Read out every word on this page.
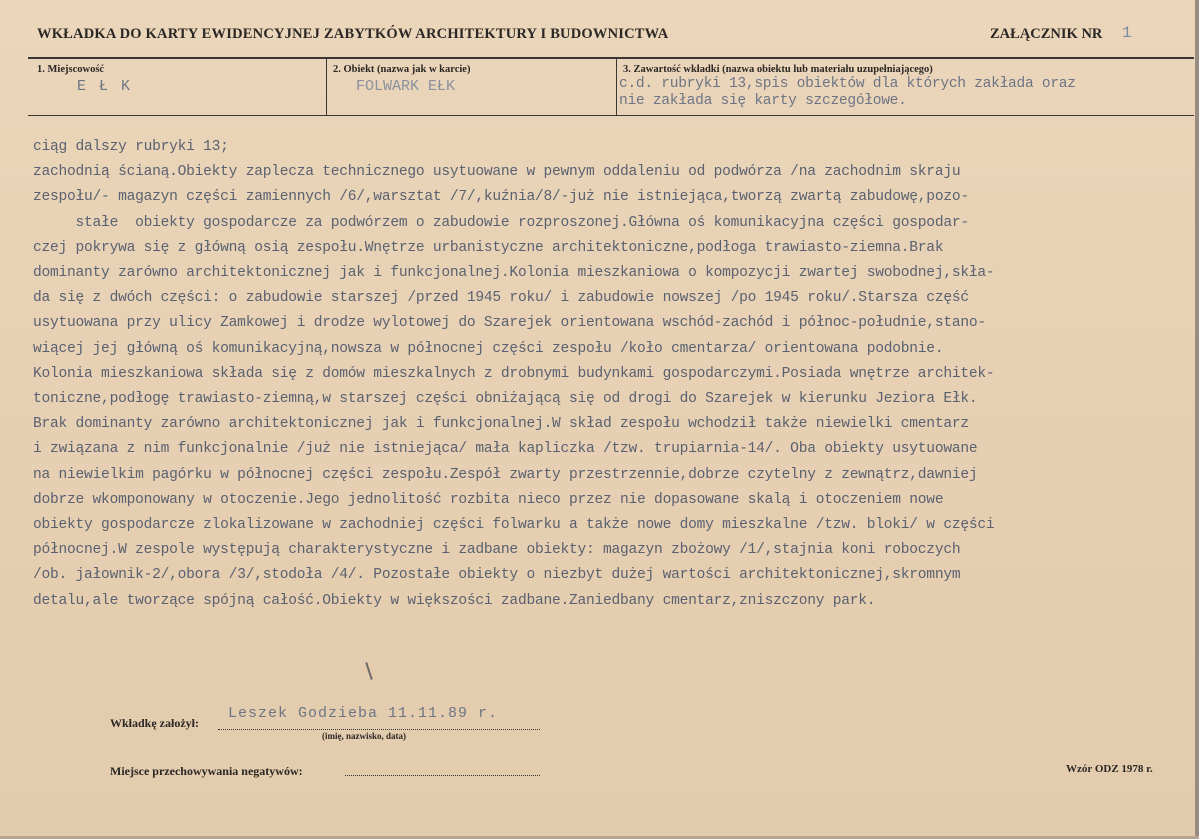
WKŁADKA DO KARTY EWIDENCYJNEJ ZABYTKÓW ARCHITEKTURY I BUDOWNICTWA	ZAŁĄCZNIK NR 1
1. Miejscowość
E Ł K
2. Obiekt (nazwa jak w karcie)
FOLWARK EŁK
3. Zawartość wkładki (nazwa obiektu lub materiału uzupełniającego)
c.d. rubryki 13,spis obiektów dla których zakłada oraz
nie zakłada się karty szczegółowe.
ciąg dalszy rubryki 13;
zachodnią ścianą.Obiekty zaplecza technicznego usytuowane w pewnym oddaleniu od podwórza /na zachodnim skraju
zespołu/- magazyn części zamiennych /6/,warsztat /7/,kuźnia/8/-już nie istniejąca,tworzą zwartą zabudowę,pozo-
stałe  obiekty gospodarcze za podwórzem o zabudowie rozproszonej.Główna oś komunikacyjna części gospodar-
czej pokrywa się z główną osią zespołu.Wnętrze urbanistyczne architektoniczne,podłoga trawiasto-ziemna.Brak
dominanty zarówno architektonicznej jak i funkcjonalnej.Kolonia mieszkaniowa o kompozycji zwartej swobodnej,skła-
da się z dwóch części: o zabudowie starszej /przed 1945 roku/ i zabudowie nowszej /po 1945 roku/.Starsza część
usytuowana przy ulicy Zamkowej i drodze wylotowej do Szarejek orientowana wschód-zachód i północ-południe,stano-
wiącej jej główną oś komunikacyjną,nowsza w północnej części zespołu /koło cmentarza/ orientowana podobnie.
Kolonia mieszkaniowa składa się z domów mieszkalnych z drobnymi budynkami gospodarczymi.Posiada wnętrze architek-
toniczne,podłogę trawiasto-ziemną,w starszej części obniżającą się od drogi do Szarejek w kierunku Jeziora Ełk.
Brak dominanty zarówno architektonicznej jak i funkcjonalnej.W skład zespołu wchodził także niewielki cmentarz
i związana z nim funkcjonalnie /już nie istniejąca/ mała kapliczka /tzw. trupiarnia-14/. Oba obiekty usytuowane
na niewielkim pagórku w północnej części zespołu.Zespół zwarty przestrzennie,dobrze czytelny z zewnątrz,dawniej
dobrze wkomponowany w otoczenie.Jego jednolitość rozbita nieco przez nie dopasowane skalą i otoczeniem nowe
obiekty gospodarcze zlokalizowane w zachodniej części folwarku a także nowe domy mieszkalne /tzw. bloki/ w części
północnej.W zespole występują charakterystyczne i zadbane obiekty: magazyn zbożowy /1/,stajnia koni roboczych
/ob. jałownik-2/,obora /3/,stodoła /4/. Pozostałe obiekty o niezbyt dużej wartości architektonicznej,skromnym
detalu,ale tworzące spójną całość.Obiekty w większości zadbane.Zaniedbany cmentarz,zniszczony park.
Wkładkę założył:
Leszek Godzieba 11.11.89 r.
(imię, nazwisko, data)
Miejsce przechowywania negatywów:	Wzór ODZ 1978 r.
